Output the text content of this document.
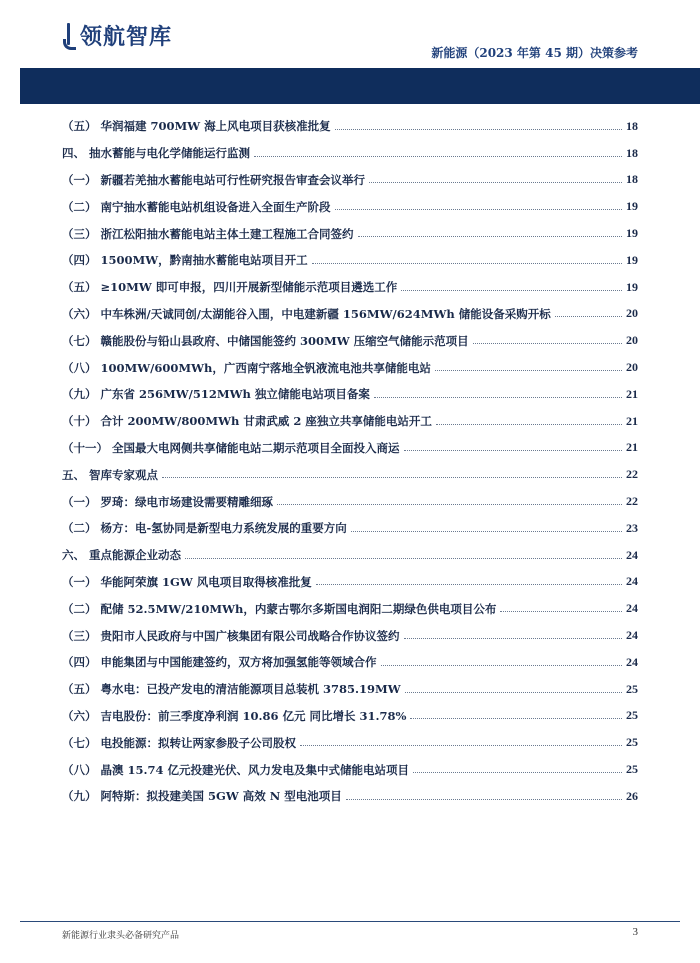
领航智库
新能源（2023 年第 45 期）决策参考
（五） 华润福建 700MW 海上风电项目获核准批复	18
四、 抽水蓄能与电化学储能运行监测	18
（一） 新疆若羌抽水蓄能电站可行性研究报告审查会议举行	18
（二） 南宁抽水蓄能电站机组设备进入全面生产阶段	19
（三） 浙江松阳抽水蓄能电站主体土建工程施工合同签约	19
（四） 1500MW，黔南抽水蓄能电站项目开工	19
（五） ≥10MW 即可申报，四川开展新型储能示范项目遴选工作	19
（六） 中车株洲/天诚同创/太湖能谷入围，中电建新疆 156MW/624MWh 储能设备采购开标	20
（七） 赣能股份与铅山县政府、中储国能签约 300MW 压缩空气储能示范项目	20
（八） 100MW/600MWh，广西南宁落地全钒液流电池共享储能电站	20
（九） 广东省 256MW/512MWh 独立储能电站项目备案	21
（十） 合计 200MW/800MWh 甘肃武威 2 座独立共享储能电站开工	21
（十一） 全国最大电网侧共享储能电站二期示范项目全面投入商运	21
五、 智库专家观点	22
（一） 罗琦：绿电市场建设需要精雕细琢	22
（二） 杨方：电-氢协同是新型电力系统发展的重要方向	23
六、 重点能源企业动态	24
（一） 华能阿荣旗 1GW 风电项目取得核准批复	24
（二） 配储 52.5MW/210MWh，内蒙古鄂尔多斯国电润阳二期绿色供电项目公布	24
（三） 贵阳市人民政府与中国广核集团有限公司战略合作协议签约	24
（四） 申能集团与中国能建签约，双方将加强氢能等领域合作	24
（五） 粤水电：已投产发电的清洁能源项目总装机 3785.19MW	25
（六） 吉电股份：前三季度净利润 10.86 亿元 同比增长 31.78%	25
（七） 电投能源：拟转让两家参股子公司股权	25
（八） 晶澳 15.74 亿元投建光伏、风力发电及集中式储能电站项目	25
（九） 阿特斯：拟投建美国 5GW 高效 N 型电池项目	26
新能源行业隶头必备研究产品	3
